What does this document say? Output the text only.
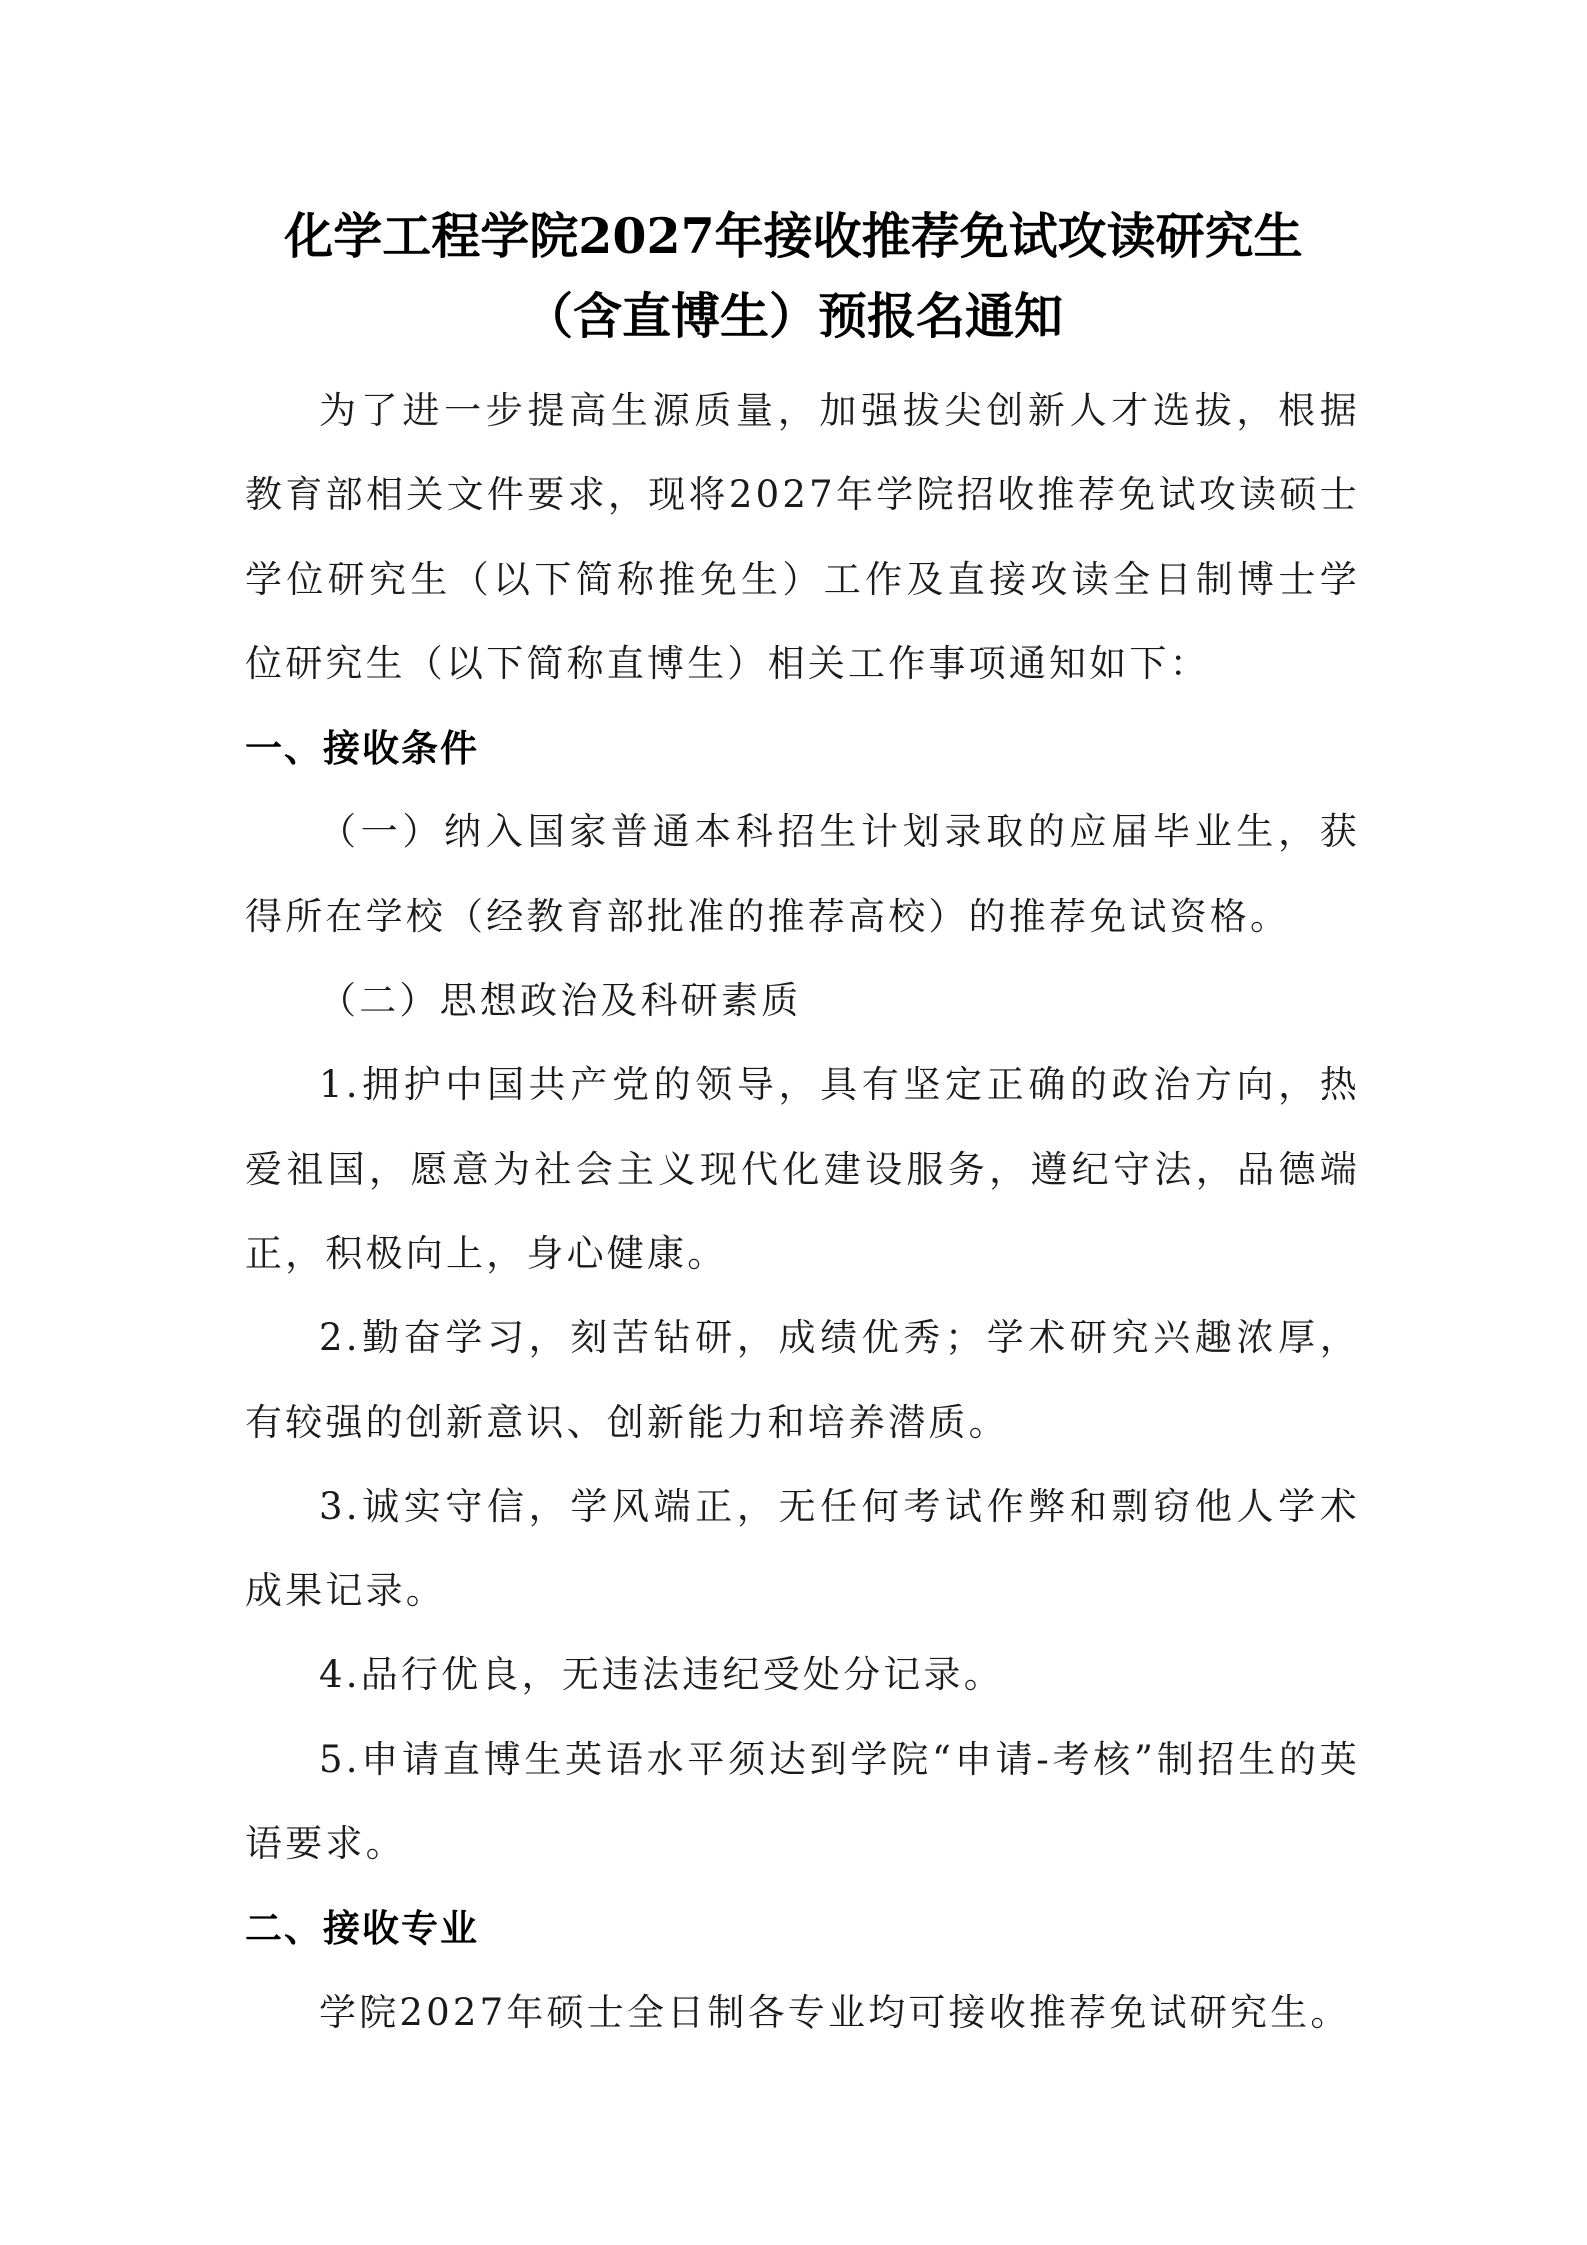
化学工程学院2027年接收推荐免试攻读研究生
（含直博生）预报名通知

为了进一步提高生源质量，加强拔尖创新人才选拔，根据教育部相关文件要求，现将2027年学院招收推荐免试攻读硕士学位研究生（以下简称推免生）工作及直接攻读全日制博士学位研究生（以下简称直博生）相关工作事项通知如下：

一、接收条件

（一）纳入国家普通本科招生计划录取的应届毕业生，获得所在学校（经教育部批准的推荐高校）的推荐免试资格。

（二）思想政治及科研素质

1.拥护中国共产党的领导，具有坚定正确的政治方向，热爱祖国，愿意为社会主义现代化建设服务，遵纪守法，品德端正，积极向上，身心健康。

2.勤奋学习，刻苦钻研，成绩优秀；学术研究兴趣浓厚，有较强的创新意识、创新能力和培养潜质。

3.诚实守信，学风端正，无任何考试作弊和剽窃他人学术成果记录。

4.品行优良，无违法违纪受处分记录。

5.申请直博生英语水平须达到学院“申请-考核”制招生的英语要求。

二、接收专业

学院2027年硕士全日制各专业均可接收推荐免试研究生。
